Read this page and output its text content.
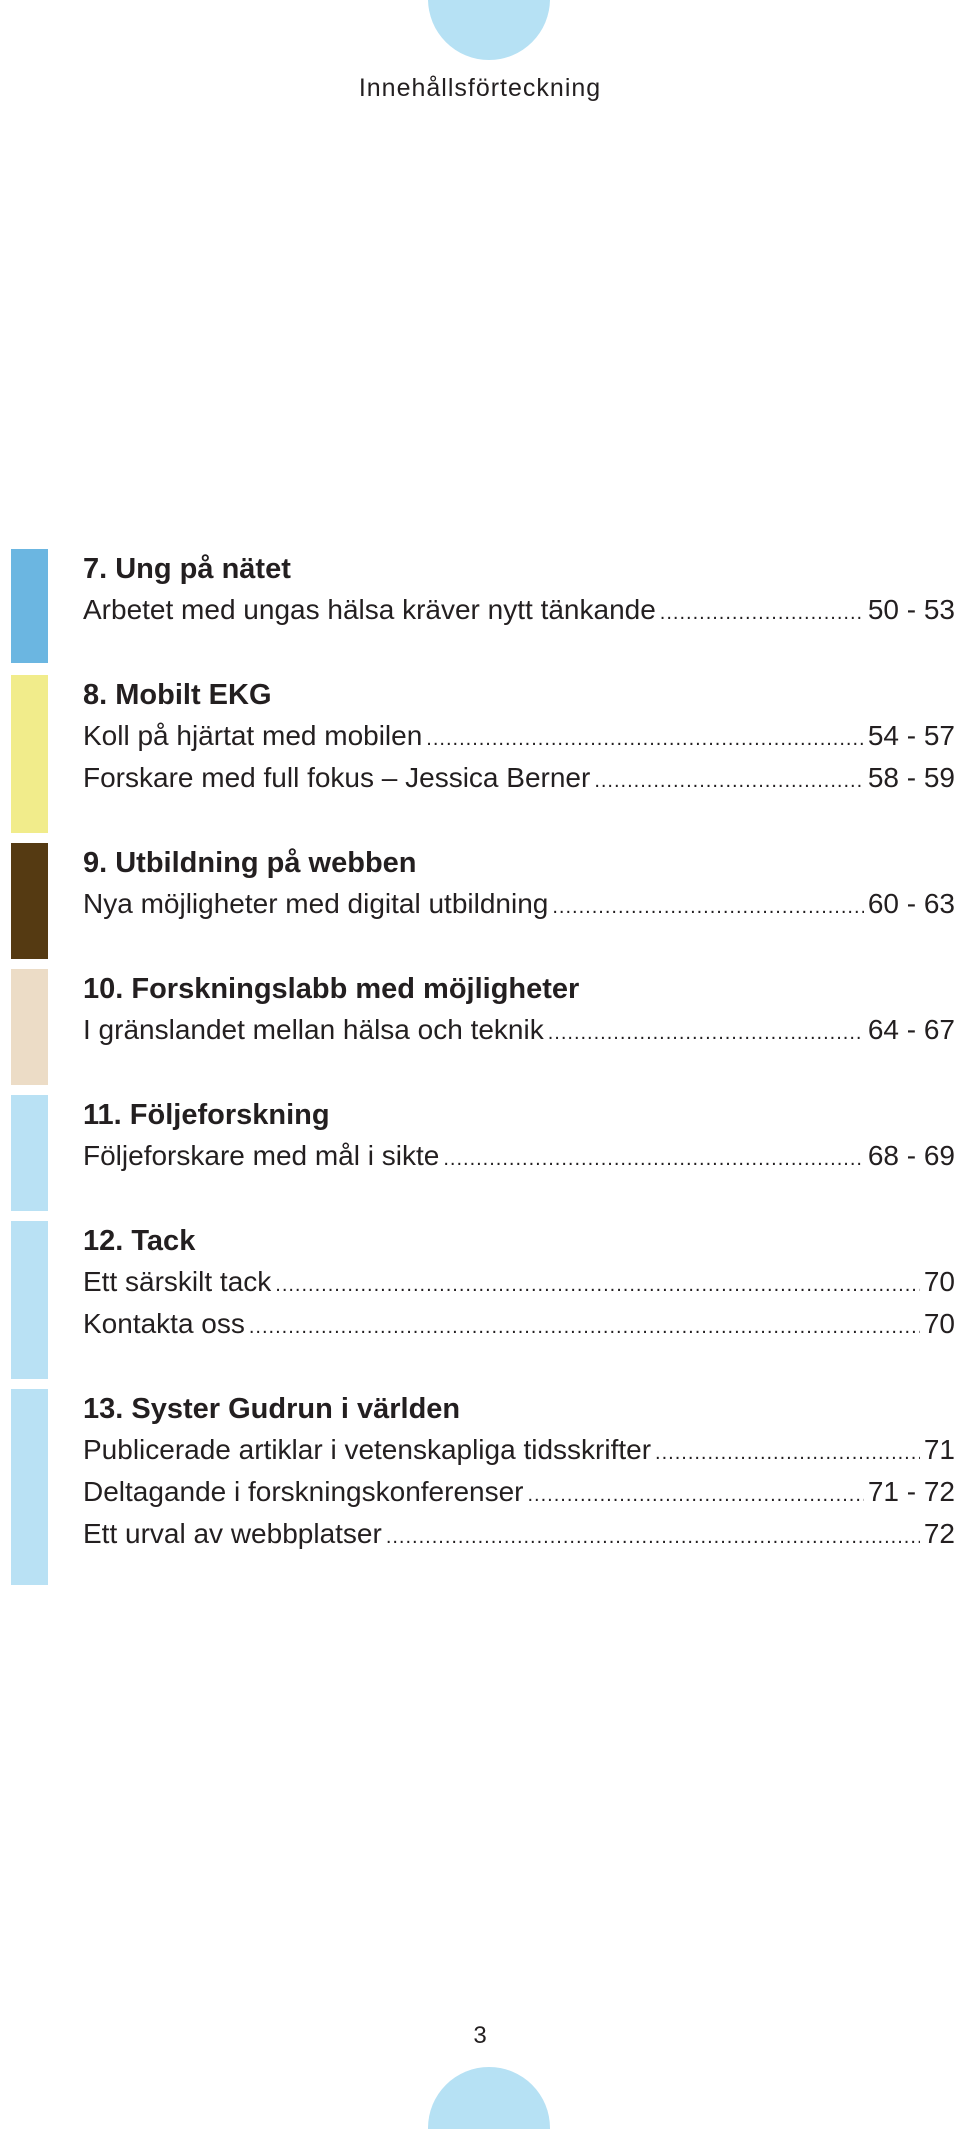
Innehållsförteckning
7. Ung på nätet
Arbetet med ungas hälsa kräver nytt tänkande .....	50 - 53
8. Mobilt EKG
Koll på hjärtat med mobilen .....	54 - 57
Forskare med full fokus – Jessica Berner .....	58 - 59
9. Utbildning på webben
Nya möjligheter med digital utbildning .....	60 - 63
10. Forskningslabb med möjligheter
I gränslandet mellan hälsa och teknik .....	64 - 67
11. Följeforskning
Följeforskare med mål i sikte .....	68 - 69
12. Tack
Ett särskilt tack .....	70
Kontakta oss .....	70
13. Syster Gudrun i världen
Publicerade artiklar i vetenskapliga tidsskrifter .....	71
Deltagande i forskningskonferenser .....	71 - 72
Ett urval av webbplatser .....	72
3
